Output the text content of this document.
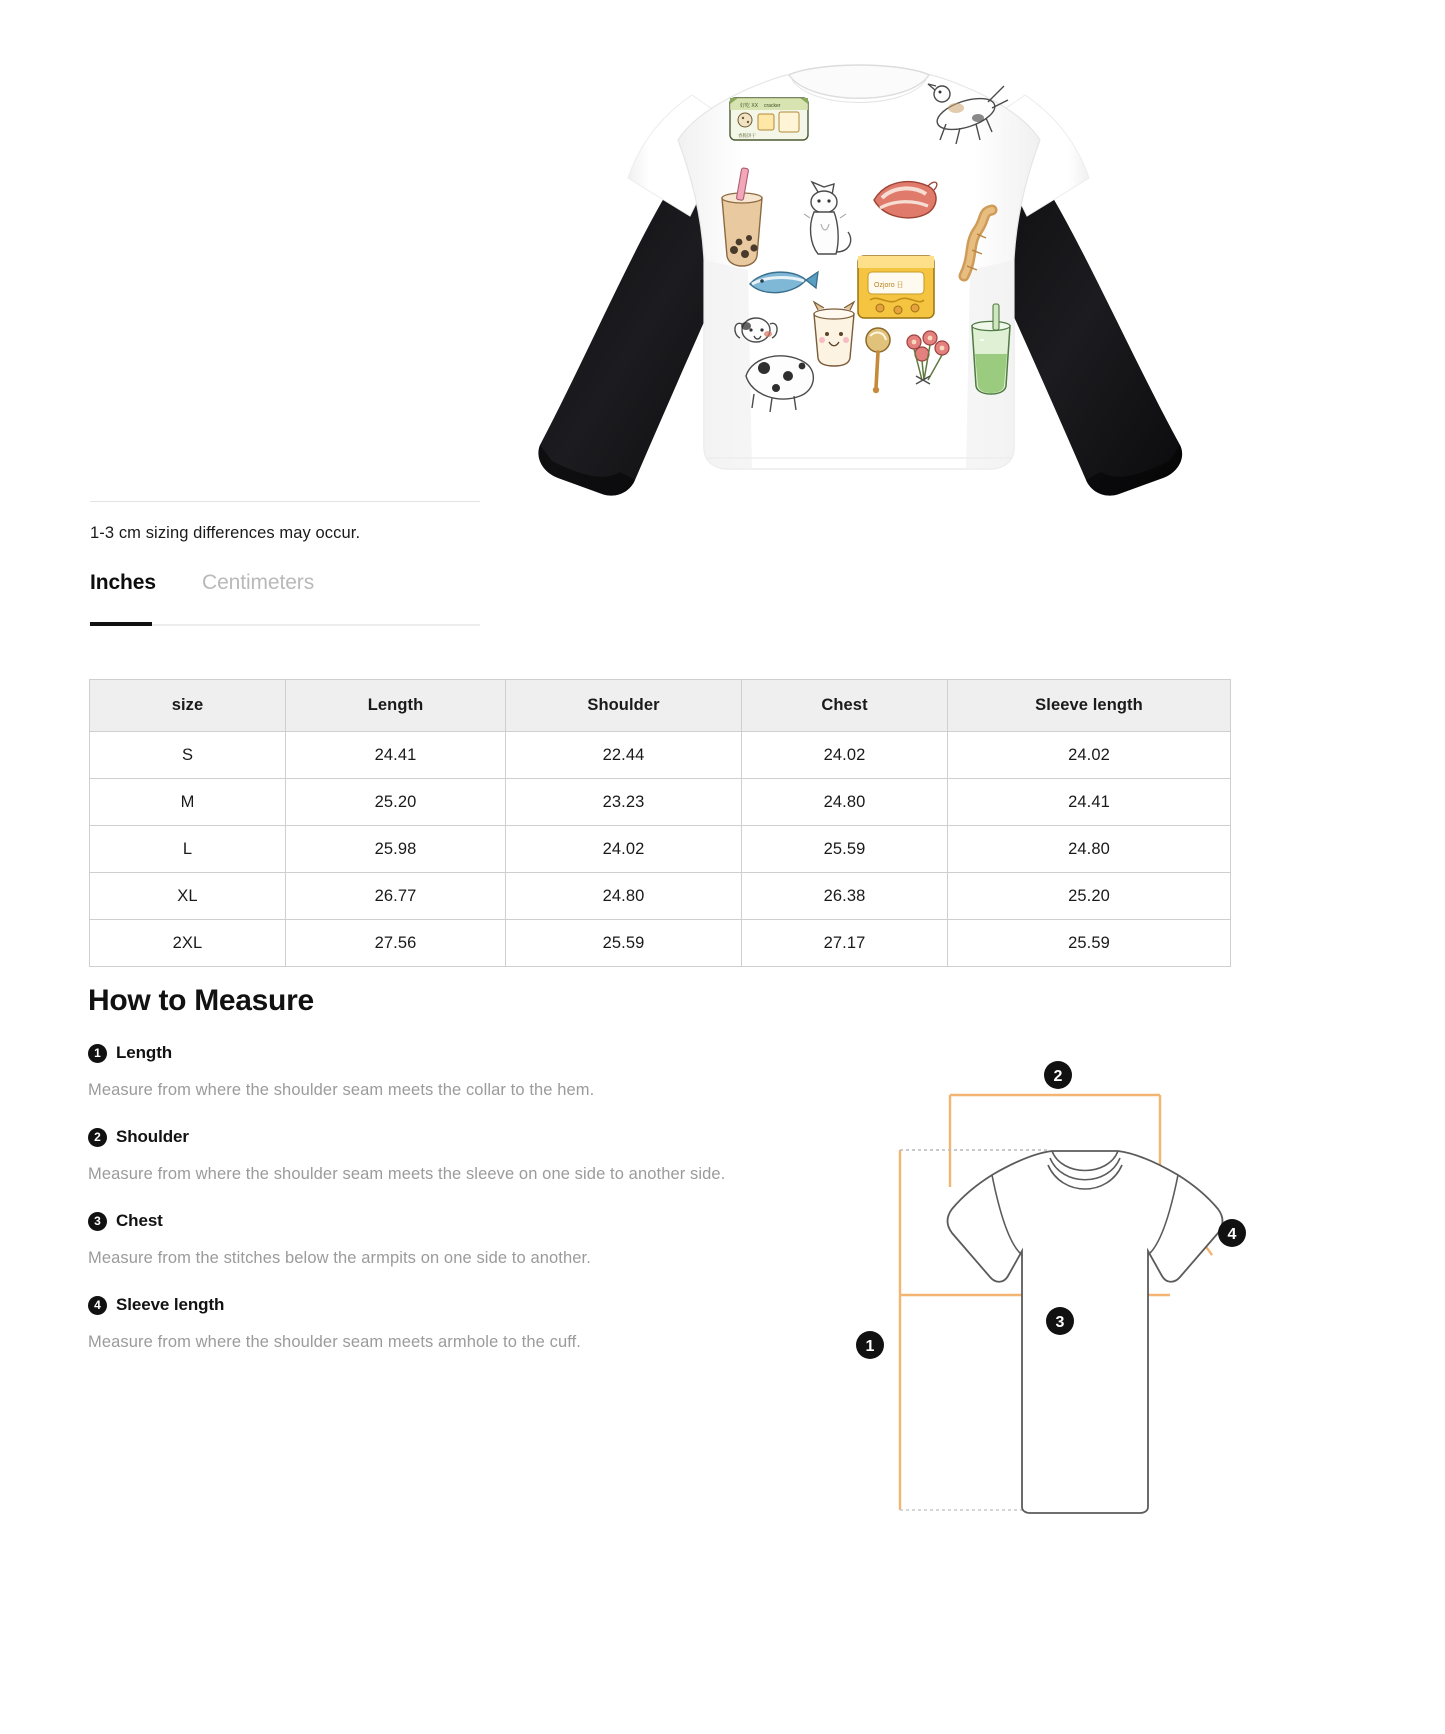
好吃 XX cracker
香脆饼干
Ozjoro 日
1-3 cm sizing differences may occur.
Inches Centimeters
size	Length	Shoulder	Chest	Sleeve length
S	24.41	22.44	24.02	24.02
M	25.20	23.23	24.80	24.41
L	25.98	24.02	25.59	24.80
XL	26.77	24.80	26.38	25.20
2XL	27.56	25.59	27.17	25.59
How to Measure
1 Length
Measure from where the shoulder seam meets the collar to the hem.
2 Shoulder
Measure from where the shoulder seam meets the sleeve on one side to another side.
3 Chest
Measure from the stitches below the armpits on one side to another.
4 Sleeve length
Measure from where the shoulder seam meets armhole to the cuff.	1
2
3
4
